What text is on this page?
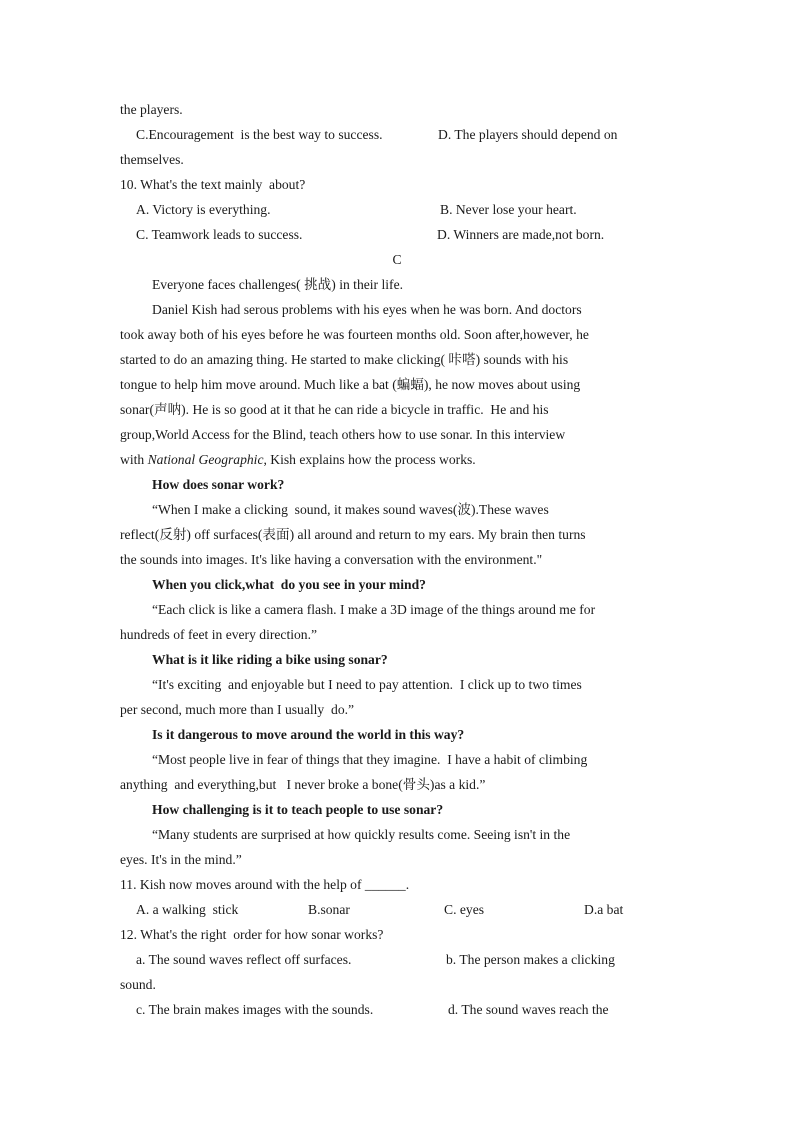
the players.
C.Encouragement  is the best way to success.	D. The players should depend on
themselves.
10. What's the text mainly  about?
A. Victory is everything.	B. Never lose your heart.
C. Teamwork leads to success.	D. Winners are made,not born.
C
Everyone faces challenges( 挑战) in their life.
Daniel Kish had serous problems with his eyes when he was born. And doctors
took away both of his eyes before he was fourteen months old. Soon after,however, he
started to do an amazing thing. He started to make clicking( 咔嗒) sounds with his
tongue to help him move around. Much like a bat (蝙蝠), he now moves about using
sonar(声呐). He is so good at it that he can ride a bicycle in traffic.  He and his
group,World Access for the Blind, teach others how to use sonar. In this interview
with National Geographic, Kish explains how the process works.
How does sonar work?
“When I make a clicking  sound, it makes sound waves(波).These waves
reflect(反射) off surfaces(表面) all around and return to my ears. My brain then turns
the sounds into images. It's like having a conversation with the environment."
When you click,what  do you see in your mind?
“Each click is like a camera flash. I make a 3D image of the things around me for
hundreds of feet in every direction.”
What is it like riding a bike using sonar?
“It's exciting  and enjoyable but I need to pay attention.  I click up to two times
per second, much more than I usually  do.”
Is it dangerous to move around the world in this way?
“Most people live in fear of things that they imagine.  I have a habit of climbing
anything  and everything,but   I never broke a bone(骨头)as a kid.”
How challenging is it to teach people to use sonar?
“Many students are surprised at how quickly results come. Seeing isn't in the
eyes. It's in the mind.”
11. Kish now moves around with the help of ______.
A. a walking  stick	B.sonar	C. eyes	D.a bat
12. What's the right  order for how sonar works?
a. The sound waves reflect off surfaces.	b. The person makes a clicking
sound.
c. The brain makes images with the sounds.	d. The sound waves reach the
